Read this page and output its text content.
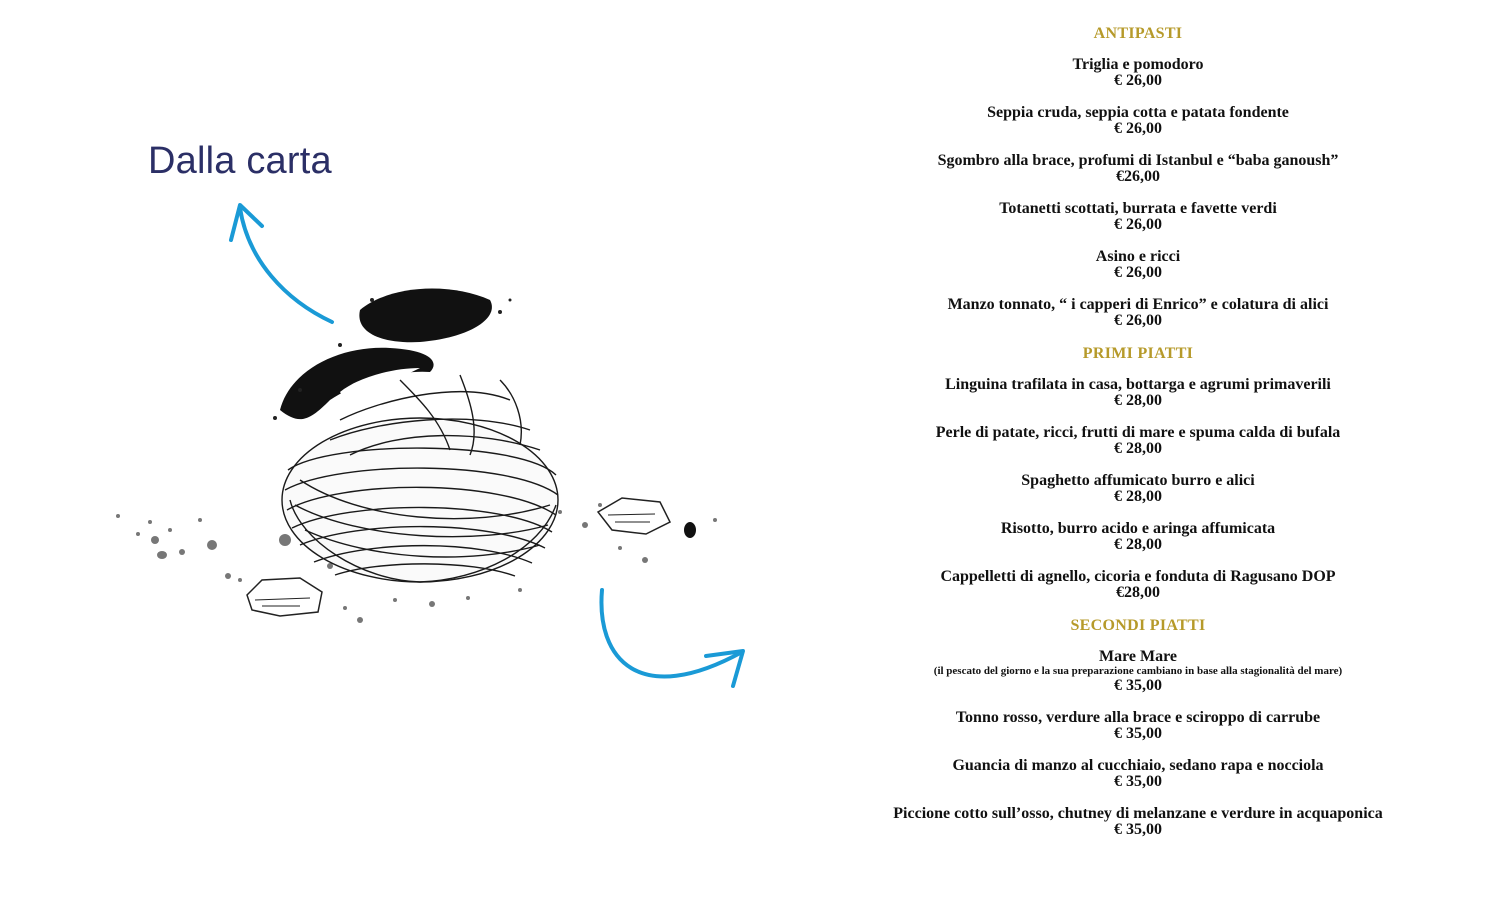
Dalla carta
ANTIPASTI
Triglia e pomodoro
€ 26,00
Seppia cruda, seppia cotta e patata fondente
€ 26,00
Sgombro alla brace, profumi di Istanbul e “baba ganoush”
€26,00
Totanetti scottati, burrata e favette verdi
€ 26,00
Asino e ricci
€ 26,00
Manzo tonnato, “ i capperi di Enrico” e colatura di alici
€ 26,00
PRIMI PIATTI
Linguina trafilata in casa, bottarga e agrumi primaverili
€ 28,00
Perle di patate, ricci, frutti di mare e spuma calda di bufala
€ 28,00
Spaghetto affumicato burro e alici
€ 28,00
Risotto, burro acido e aringa affumicata
€ 28,00
Cappelletti di agnello, cicoria e fonduta di Ragusano DOP
€28,00
SECONDI PIATTI
Mare Mare
(il pescato del giorno e la sua preparazione cambiano in base alla stagionalità del mare)
€ 35,00
Tonno rosso, verdure alla brace e sciroppo di carrube
€ 35,00
Guancia di manzo al cucchiaio, sedano rapa e nocciola
€ 35,00
Piccione cotto sull’osso, chutney di melanzane e verdure in acquaponica
€ 35,00
